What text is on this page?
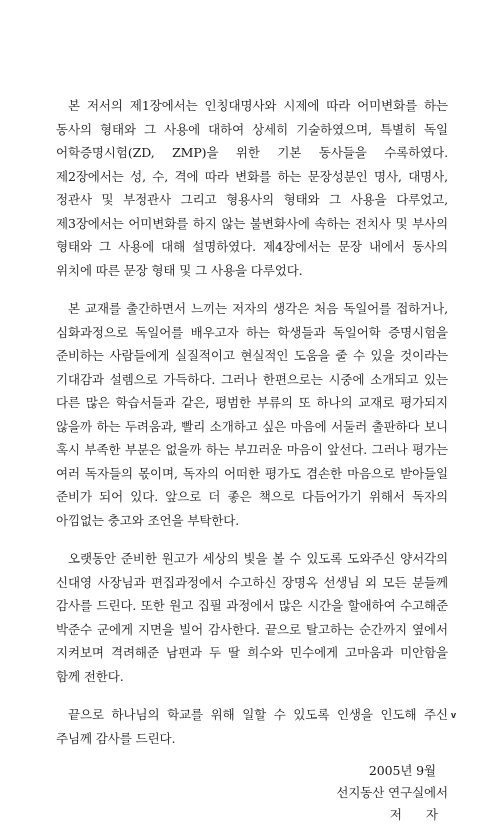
본 저서의 제1장에서는 인칭대명사와 시제에 따라 어미변화를 하는 동사의 형태와 그 사용에 대하여 상세히 기술하였으며, 특별히 독일 어학증명시험(ZD, ZMP)을 위한 기본 동사들을 수록하였다. 제2장에서는 성, 수, 격에 따라 변화를 하는 문장성분인 명사, 대명사, 정관사 및 부정관사 그리고 형용사의 형태와 그 사용을 다루었고, 제3장에서는 어미변화를 하지 않는 불변화사에 속하는 전치사 및 부사의 형태와 그 사용에 대해 설명하였다. 제4장에서는 문장 내에서 동사의 위치에 따른 문장 형태 및 그 사용을 다루었다.

본 교재를 출간하면서 느끼는 저자의 생각은 처음 독일어를 접하거나, 심화과정으로 독일어를 배우고자 하는 학생들과 독일어학 증명시험을 준비하는 사람들에게 실질적이고 현실적인 도움을 줄 수 있을 것이라는 기대감과 설렘으로 가득하다. 그러나 한편으로는 시중에 소개되고 있는 다른 많은 학습서들과 같은, 평범한 부류의 또 하나의 교재로 평가되지 않을까 하는 두려움과, 빨리 소개하고 싶은 마음에 서둘러 출판하다 보니 혹시 부족한 부분은 없을까 하는 부끄러운 마음이 앞선다. 그러나 평가는 여러 독자들의 몫이며, 독자의 어떠한 평가도 겸손한 마음으로 받아들일 준비가 되어 있다. 앞으로 더 좋은 책으로 다듬어가기 위해서 독자의 아낌없는 충고와 조언을 부탁한다.

오랫동안 준비한 원고가 세상의 빛을 볼 수 있도록 도와주신 양서각의 신대영 사장님과 편집과정에서 수고하신 장명옥 선생님 외 모든 분들께 감사를 드린다. 또한 원고 집필 과정에서 많은 시간을 할애하여 수고해준 박준수 군에게 지면을 빌어 감사한다. 끝으로 탈고하는 순간까지 옆에서 지켜보며 격려해준 남편과 두 딸 희수와 민수에게 고마움과 미안함을 함께 전한다.

끝으로 하나님의 학교를 위해 일할 수 있도록 인생을 인도해 주신 주님께 감사를 드린다.

2005년 9월
선지동산 연구실에서
저 자
v
